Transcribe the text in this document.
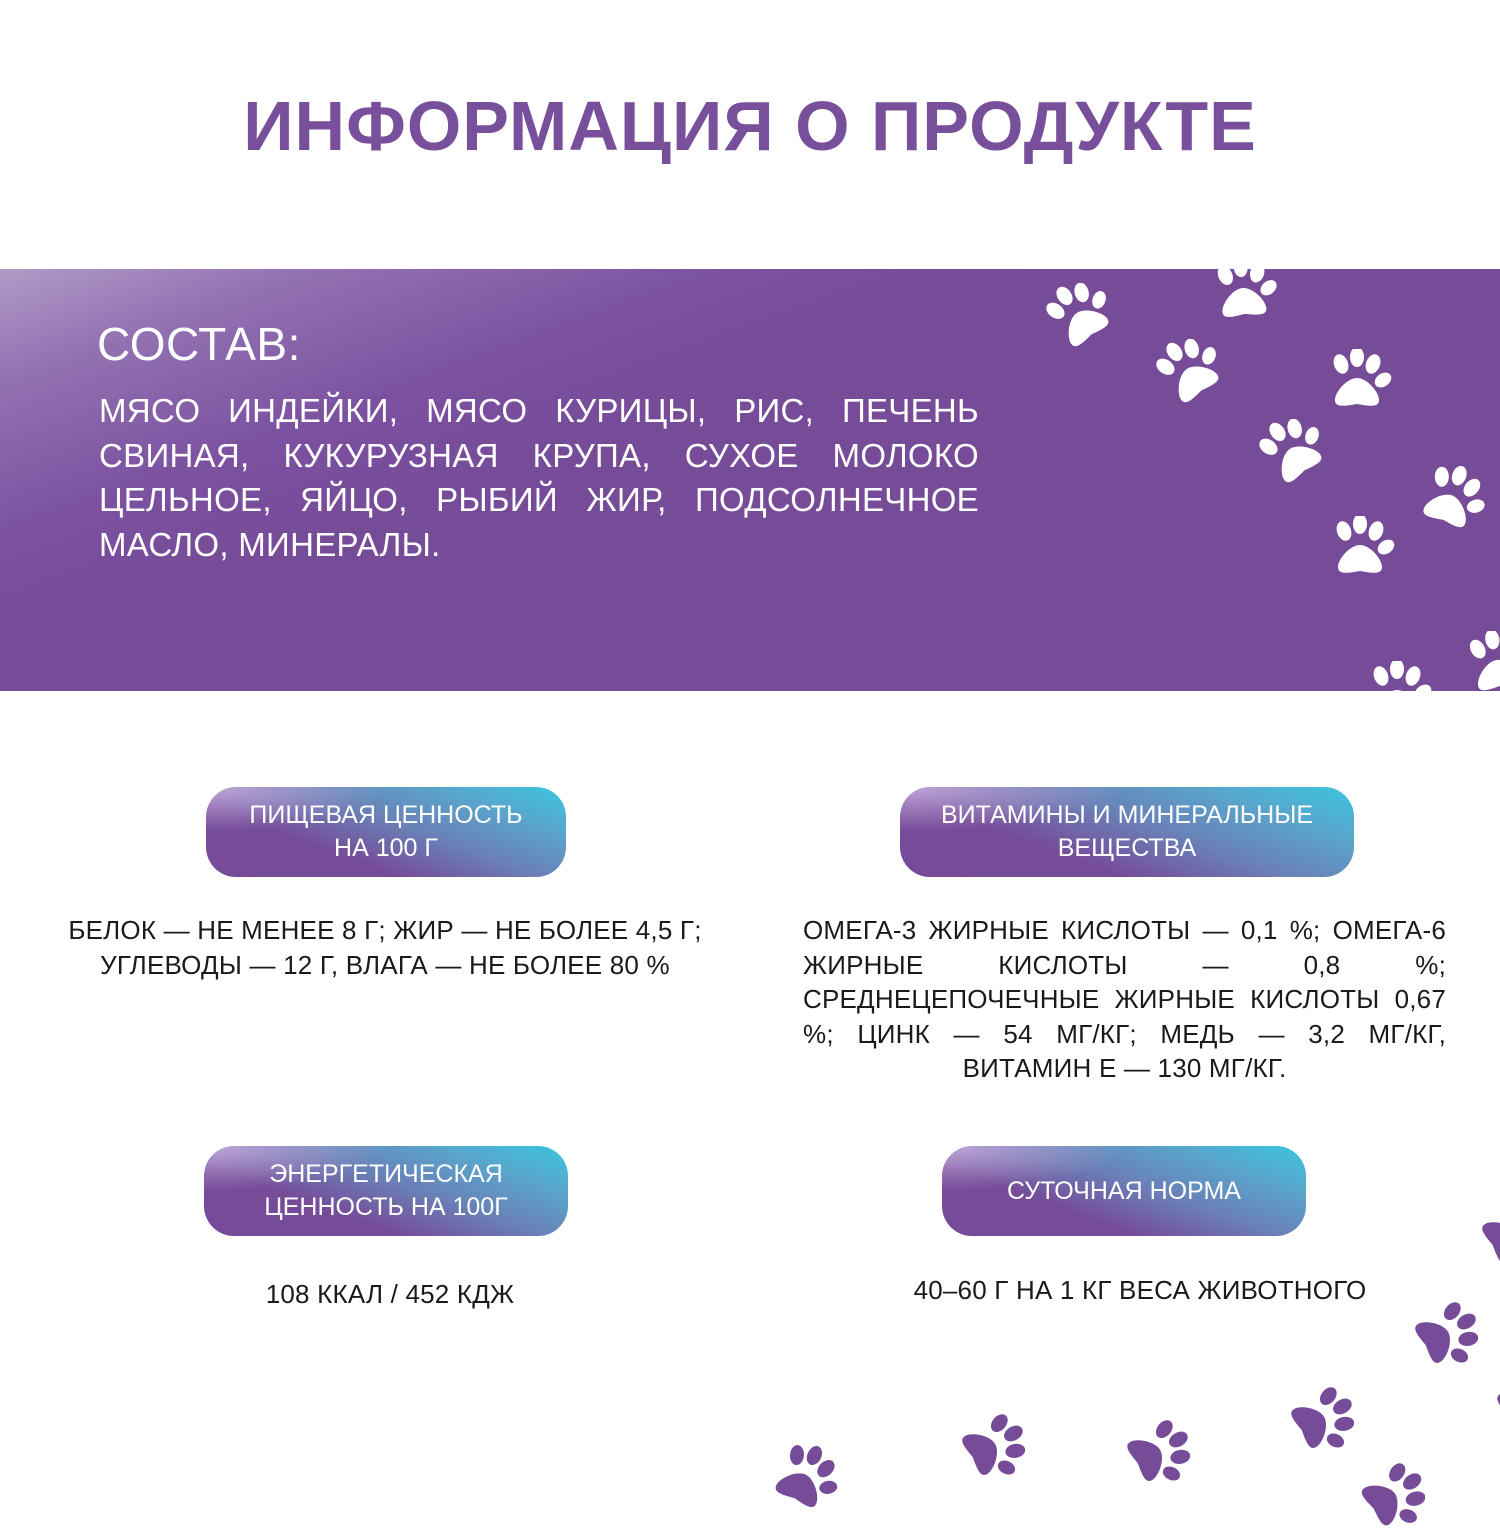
ИНФОРМАЦИЯ О ПРОДУКТЕ
СОСТАВ:

МЯСО ИНДЕЙКИ, МЯСО КУРИЦЫ, РИС, ПЕЧЕНЬ СВИНАЯ, КУКУРУЗНАЯ КРУПА, СУХОЕ МОЛОКО ЦЕЛЬНОЕ, ЯЙЦО, РЫБИЙ ЖИР, ПОДСОЛНЕЧНОЕ МАСЛО, МИНЕРАЛЫ.

ПИЩЕВАЯ ЦЕННОСТЬ
НА 100 Г
БЕЛОК — НЕ МЕНЕЕ 8 Г; ЖИР — НЕ БОЛЕЕ 4,5 Г;
УГЛЕВОДЫ — 12 Г, ВЛАГА — НЕ БОЛЕЕ 80 %
ВИТАМИНЫ И МИНЕРАЛЬНЫЕ
ВЕЩЕСТВА

ОМЕГА-3 ЖИРНЫЕ КИСЛОТЫ — 0,1 %; ОМЕГА-6 ЖИРНЫЕ КИСЛОТЫ — 0,8 %; СРЕДНЕЦЕПОЧЕЧНЫЕ ЖИРНЫЕ КИСЛОТЫ 0,67 %; ЦИНК — 54 МГ/КГ; МЕДЬ — 3,2 МГ/КГ, ВИТАМИН Е — 130 МГ/КГ.

ЭНЕРГЕТИЧЕСКАЯ
ЦЕННОСТЬ НА 100Г

108 ККАЛ / 452 КДЖ

СУТОЧНАЯ НОРМА

40–60 Г НА 1 КГ ВЕСА ЖИВОТНОГО
